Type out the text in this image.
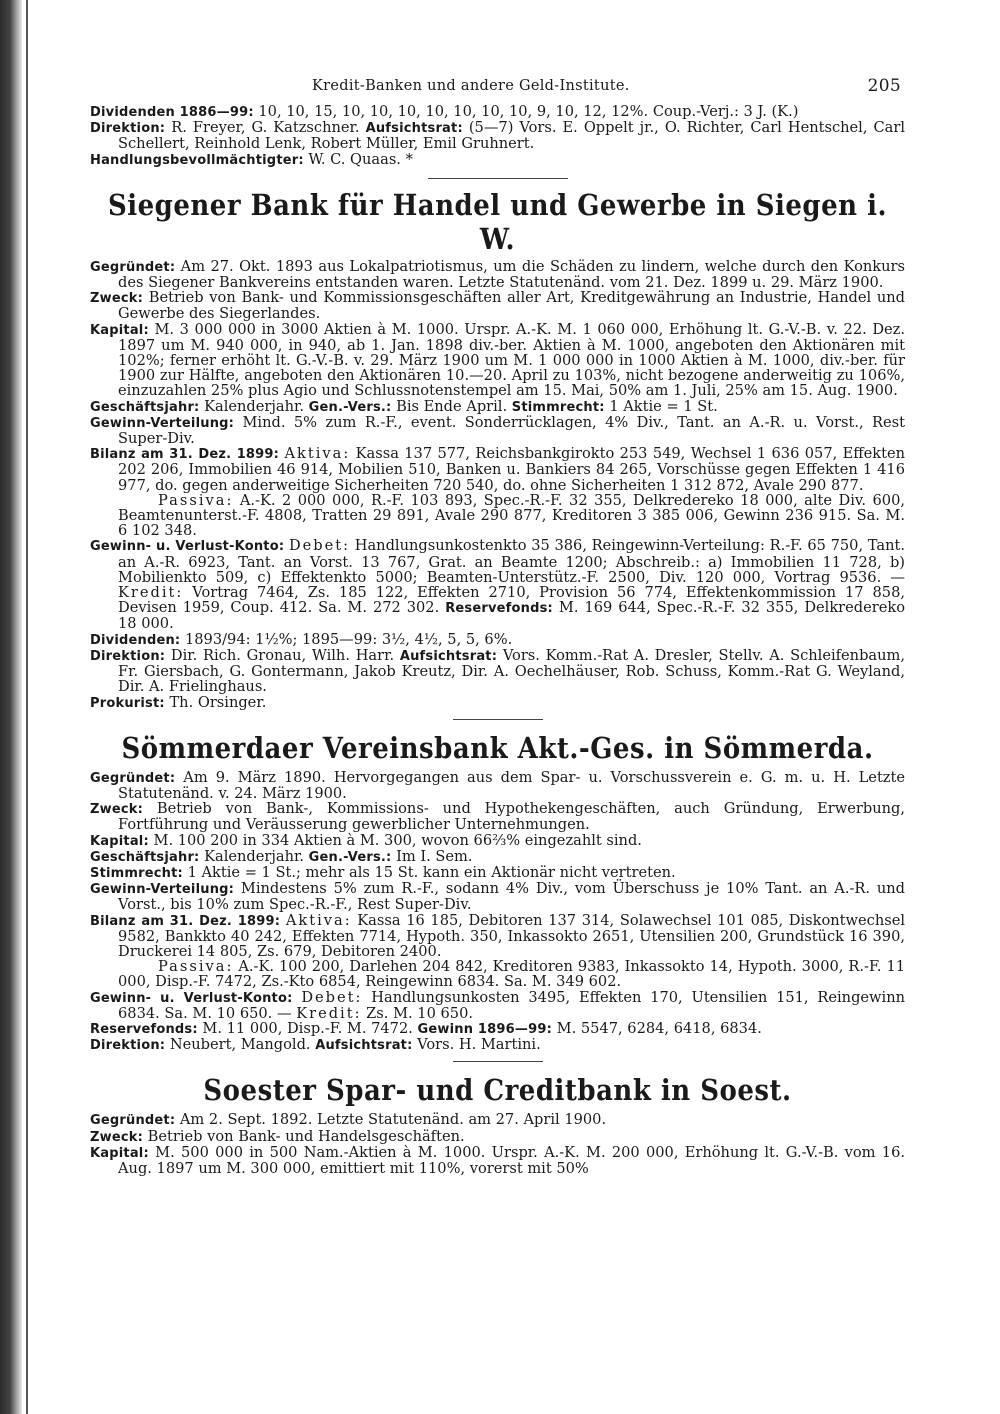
Kredit-Banken und andere Geld-Institute.	205

Dividenden 1886—99: 10, 10, 15, 10, 10, 10, 10, 10, 10, 10, 9, 10, 12, 12%. Coup.-Verj.: 3 J. (K.)

Direktion: R. Freyer, G. Katzschner. Aufsichtsrat: (5—7) Vors. E. Oppelt jr., O. Richter, Carl Hentschel, Carl Schellert, Reinhold Lenk, Robert Müller, Emil Gruhnert.

Handlungsbevollmächtigter: W. C. Quaas. *

Siegener Bank für Handel und Gewerbe in Siegen i. W.

Gegründet: Am 27. Okt. 1893 aus Lokalpatriotismus, um die Schäden zu lindern, welche durch den Konkurs des Siegener Bankvereins entstanden waren. Letzte Statutenänd. vom 21. Dez. 1899 u. 29. März 1900.

Zweck: Betrieb von Bank- und Kommissionsgeschäften aller Art, Kreditgewährung an Industrie, Handel und Gewerbe des Siegerlandes.

Kapital: M. 3 000 000 in 3000 Aktien à M. 1000. Urspr. A.-K. M. 1 060 000, Erhöhung lt. G.-V.-B. v. 22. Dez. 1897 um M. 940 000, in 940, ab 1. Jan. 1898 div.-ber. Aktien à M. 1000, angeboten den Aktionären mit 102%; ferner erhöht lt. G.-V.-B. v. 29. März 1900 um M. 1 000 000 in 1000 Aktien à M. 1000, div.-ber. für 1900 zur Hälfte, angeboten den Aktionären 10.—20. April zu 103%, nicht bezogene anderweitig zu 106%, einzuzahlen 25% plus Agio und Schlussnotenstempel am 15. Mai, 50% am 1. Juli, 25% am 15. Aug. 1900.

Geschäftsjahr: Kalenderjahr. Gen.-Vers.: Bis Ende April. Stimmrecht: 1 Aktie = 1 St.

Gewinn-Verteilung: Mind. 5% zum R.-F., event. Sonderrücklagen, 4% Div., Tant. an A.-R. u. Vorst., Rest Super-Div.

Bilanz am 31. Dez. 1899: Aktiva: Kassa 137 577, Reichsbankgirokto 253 549, Wechsel 1 636 057, Effekten 202 206, Immobilien 46 914, Mobilien 510, Banken u. Bankiers 84 265, Vorschüsse gegen Effekten 1 416 977, do. gegen anderweitige Sicherheiten 720 540, do. ohne Sicherheiten 1 312 872, Avale 290 877.

Passiva: A.-K. 2 000 000, R.-F. 103 893, Spec.-R.-F. 32 355, Delkredereko 18 000, alte Div. 600, Beamtenunterst.-F. 4808, Tratten 29 891, Avale 290 877, Kreditoren 3 385 006, Gewinn 236 915. Sa. M. 6 102 348.

Gewinn- u. Verlust-Konto: Debet: Handlungsunkostenkto 35 386, Reingewinn-Verteilung: R.-F. 65 750, Tant. an A.-R. 6923, Tant. an Vorst. 13 767, Grat. an Beamte 1200; Abschreib.: a) Immobilien 11 728, b) Mobilienkto 509, c) Effektenkto 5000; Beamten-Unterstütz.-F. 2500, Div. 120 000, Vortrag 9536. — Kredit: Vortrag 7464, Zs. 185 122, Effekten 2710, Provision 56 774, Effektenkommission 17 858, Devisen 1959, Coup. 412. Sa. M. 272 302. Reservefonds: M. 169 644, Spec.-R.-F. 32 355, Delkredereko 18 000.

Dividenden: 1893/94: 1½%; 1895—99: 3½, 4½, 5, 5, 6%.

Direktion: Dir. Rich. Gronau, Wilh. Harr. Aufsichtsrat: Vors. Komm.-Rat A. Dresler, Stellv. A. Schleifenbaum, Fr. Giersbach, G. Gontermann, Jakob Kreutz, Dir. A. Oechelhäuser, Rob. Schuss, Komm.-Rat G. Weyland, Dir. A. Frielinghaus.

Prokurist: Th. Orsinger.

Sömmerdaer Vereinsbank Akt.-Ges. in Sömmerda.

Gegründet: Am 9. März 1890. Hervorgegangen aus dem Spar- u. Vorschussverein e. G. m. u. H. Letzte Statutenänd. v. 24. März 1900.

Zweck: Betrieb von Bank-, Kommissions- und Hypothekengeschäften, auch Gründung, Erwerbung, Fortführung und Veräusserung gewerblicher Unternehmungen.

Kapital: M. 100 200 in 334 Aktien à M. 300, wovon 66⅔% eingezahlt sind.

Geschäftsjahr: Kalenderjahr. Gen.-Vers.: Im I. Sem.

Stimmrecht: 1 Aktie = 1 St.; mehr als 15 St. kann ein Aktionär nicht vertreten.

Gewinn-Verteilung: Mindestens 5% zum R.-F., sodann 4% Div., vom Überschuss je 10% Tant. an A.-R. und Vorst., bis 10% zum Spec.-R.-F., Rest Super-Div.

Bilanz am 31. Dez. 1899: Aktiva: Kassa 16 185, Debitoren 137 314, Solawechsel 101 085, Diskontwechsel 9582, Bankkto 40 242, Effekten 7714, Hypoth. 350, Inkassokto 2651, Utensilien 200, Grundstück 16 390, Druckerei 14 805, Zs. 679, Debitoren 2400.

Passiva: A.-K. 100 200, Darlehen 204 842, Kreditoren 9383, Inkassokto 14, Hypoth. 3000, R.-F. 11 000, Disp.-F. 7472, Zs.-Kto 6854, Reingewinn 6834. Sa. M. 349 602.

Gewinn- u. Verlust-Konto: Debet: Handlungsunkosten 3495, Effekten 170, Utensilien 151, Reingewinn 6834. Sa. M. 10 650. — Kredit: Zs. M. 10 650.

Reservefonds: M. 11 000, Disp.-F. M. 7472. Gewinn 1896—99: M. 5547, 6284, 6418, 6834.

Direktion: Neubert, Mangold. Aufsichtsrat: Vors. H. Martini.

Soester Spar- und Creditbank in Soest.

Gegründet: Am 2. Sept. 1892. Letzte Statutenänd. am 27. April 1900.

Zweck: Betrieb von Bank- und Handelsgeschäften.

Kapital: M. 500 000 in 500 Nam.-Aktien à M. 1000. Urspr. A.-K. M. 200 000, Erhöhung lt. G.-V.-B. vom 16. Aug. 1897 um M. 300 000, emittiert mit 110%, vorerst mit 50%
